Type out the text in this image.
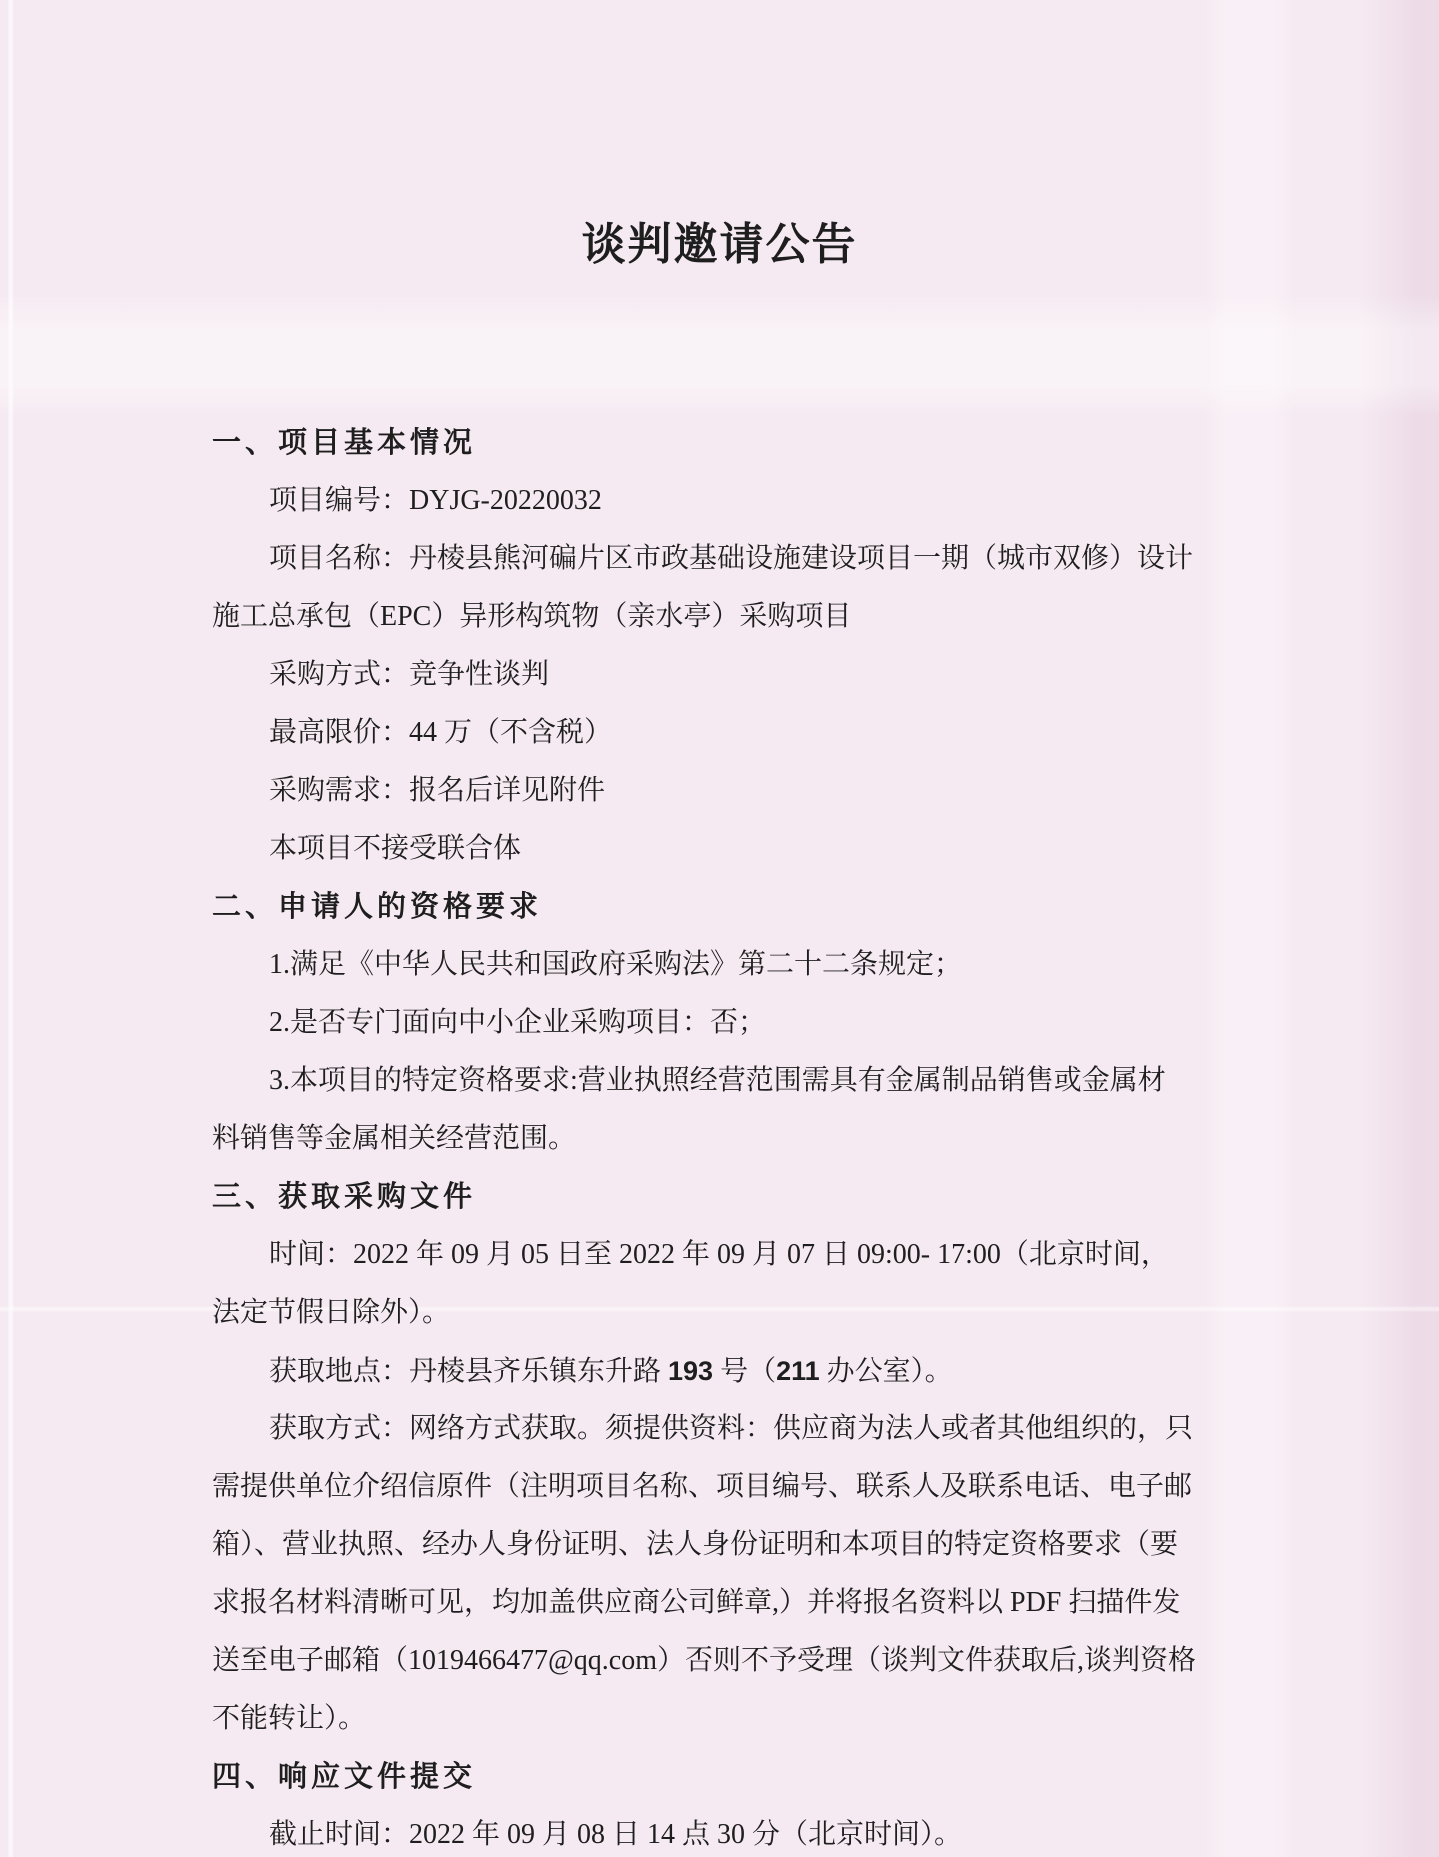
谈判邀请公告
一、项目基本情况
项目编号：DYJG-20220032
项目名称：丹棱县熊河碥片区市政基础设施建设项目一期（城市双修）设计
施工总承包（EPC）异形构筑物（亲水亭）采购项目
采购方式：竞争性谈判
最高限价：44 万（不含税）
采购需求：报名后详见附件
本项目不接受联合体
二、申请人的资格要求
1.满足《中华人民共和国政府采购法》第二十二条规定；
2.是否专门面向中小企业采购项目：否；
3.本项目的特定资格要求:营业执照经营范围需具有金属制品销售或金属材
料销售等金属相关经营范围。
三、获取采购文件
时间：2022 年 09 月 05 日至 2022 年 09 月 07 日 09:00- 17:00（北京时间，
法定节假日除外）。
获取地点：丹棱县齐乐镇东升路 193 号（211 办公室）。
获取方式：网络方式获取。须提供资料：供应商为法人或者其他组织的，只
需提供单位介绍信原件（注明项目名称、项目编号、联系人及联系电话、电子邮
箱）、营业执照、经办人身份证明、法人身份证明和本项目的特定资格要求（要
求报名材料清晰可见，均加盖供应商公司鲜章,）并将报名资料以 PDF 扫描件发
送至电子邮箱（1019466477@qq.com）否则不予受理（谈判文件获取后,谈判资格
不能转让）。
四、响应文件提交
截止时间：2022 年 09 月 08 日 14 点 30 分（北京时间）。
